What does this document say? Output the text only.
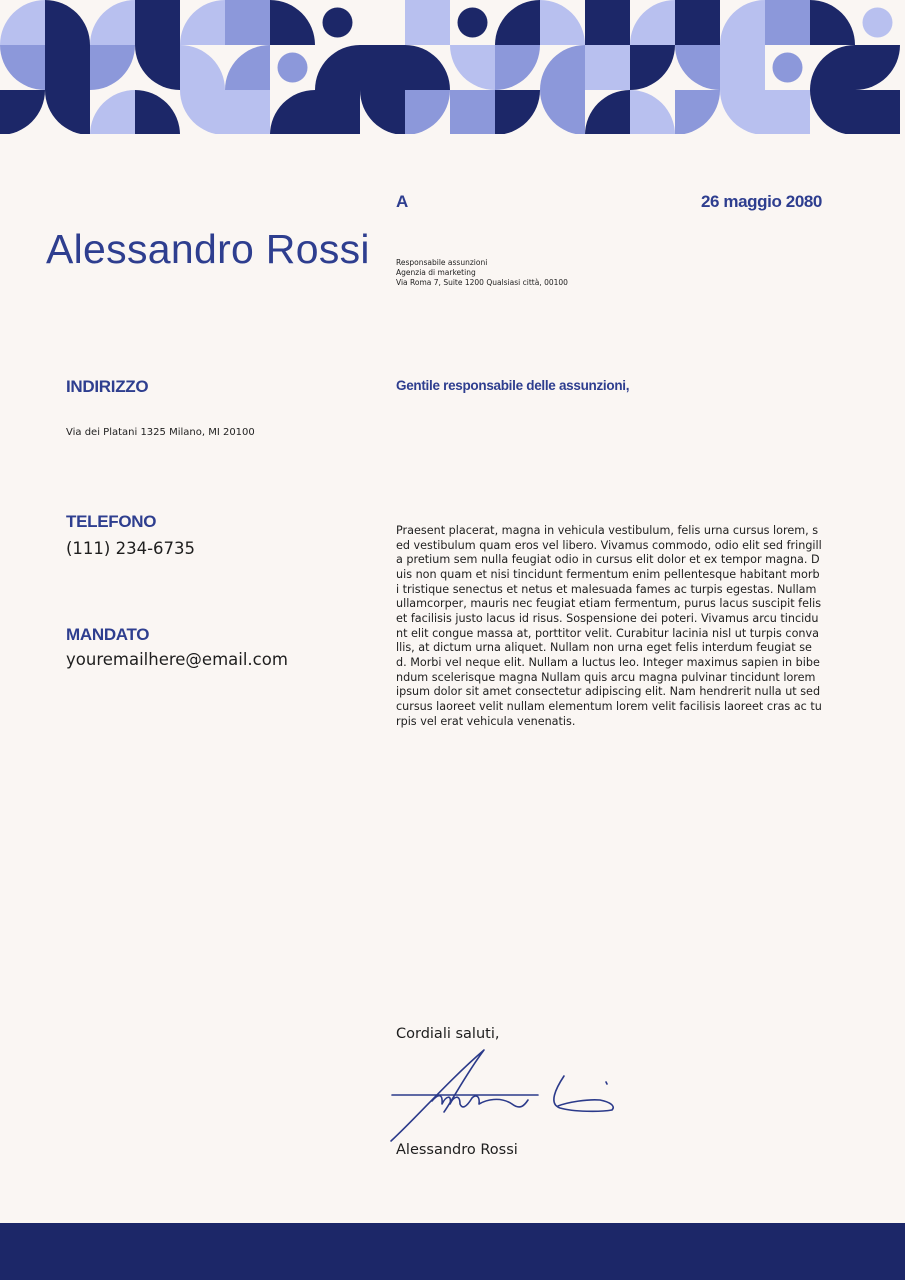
Alessandro Rossi
A	26 maggio 2080
Responsabile assunzioni
Agenzia di marketing
Via Roma 7, Suite 1200 Qualsiasi città, 00100
INDIRIZZO
Via dei Platani 1325 Milano, MI 20100
TELEFONO
(111) 234-6735
MANDATO
youremailhere@email.com
Gentile responsabile delle assunzioni,
Praesent placerat, magna in vehicula vestibulum, felis urna cursus lorem, sed vestibulum quam eros vel libero. Vivamus commodo, odio elit sed fringilla pretium sem nulla feugiat odio in cursus elit dolor et ex tempor magna. Duis non quam et nisi tincidunt fermentum enim pellentesque habitant morbi tristique senectus et netus et malesuada fames ac turpis egestas. Nullam ullamcorper, mauris nec feugiat etiam fermentum, purus lacus suscipit felis et facilisis justo lacus id risus. Sospensione dei poteri. Vivamus arcu tincidunt elit congue massa at, porttitor velit. Curabitur lacinia nisl ut turpis convallis, at dictum urna aliquet. Nullam non urna eget felis interdum feugiat sed. Morbi vel neque elit. Nullam a luctus leo. Integer maximus sapien in bibendum scelerisque magna Nullam quis arcu magna pulvinar tincidunt lorem ipsum dolor sit amet consectetur adipiscing elit. Nam hendrerit nulla ut sed cursus laoreet velit nullam elementum lorem velit facilisis laoreet cras ac turpis vel erat vehicula venenatis.
Cordiali saluti,
Alessandro Rossi
